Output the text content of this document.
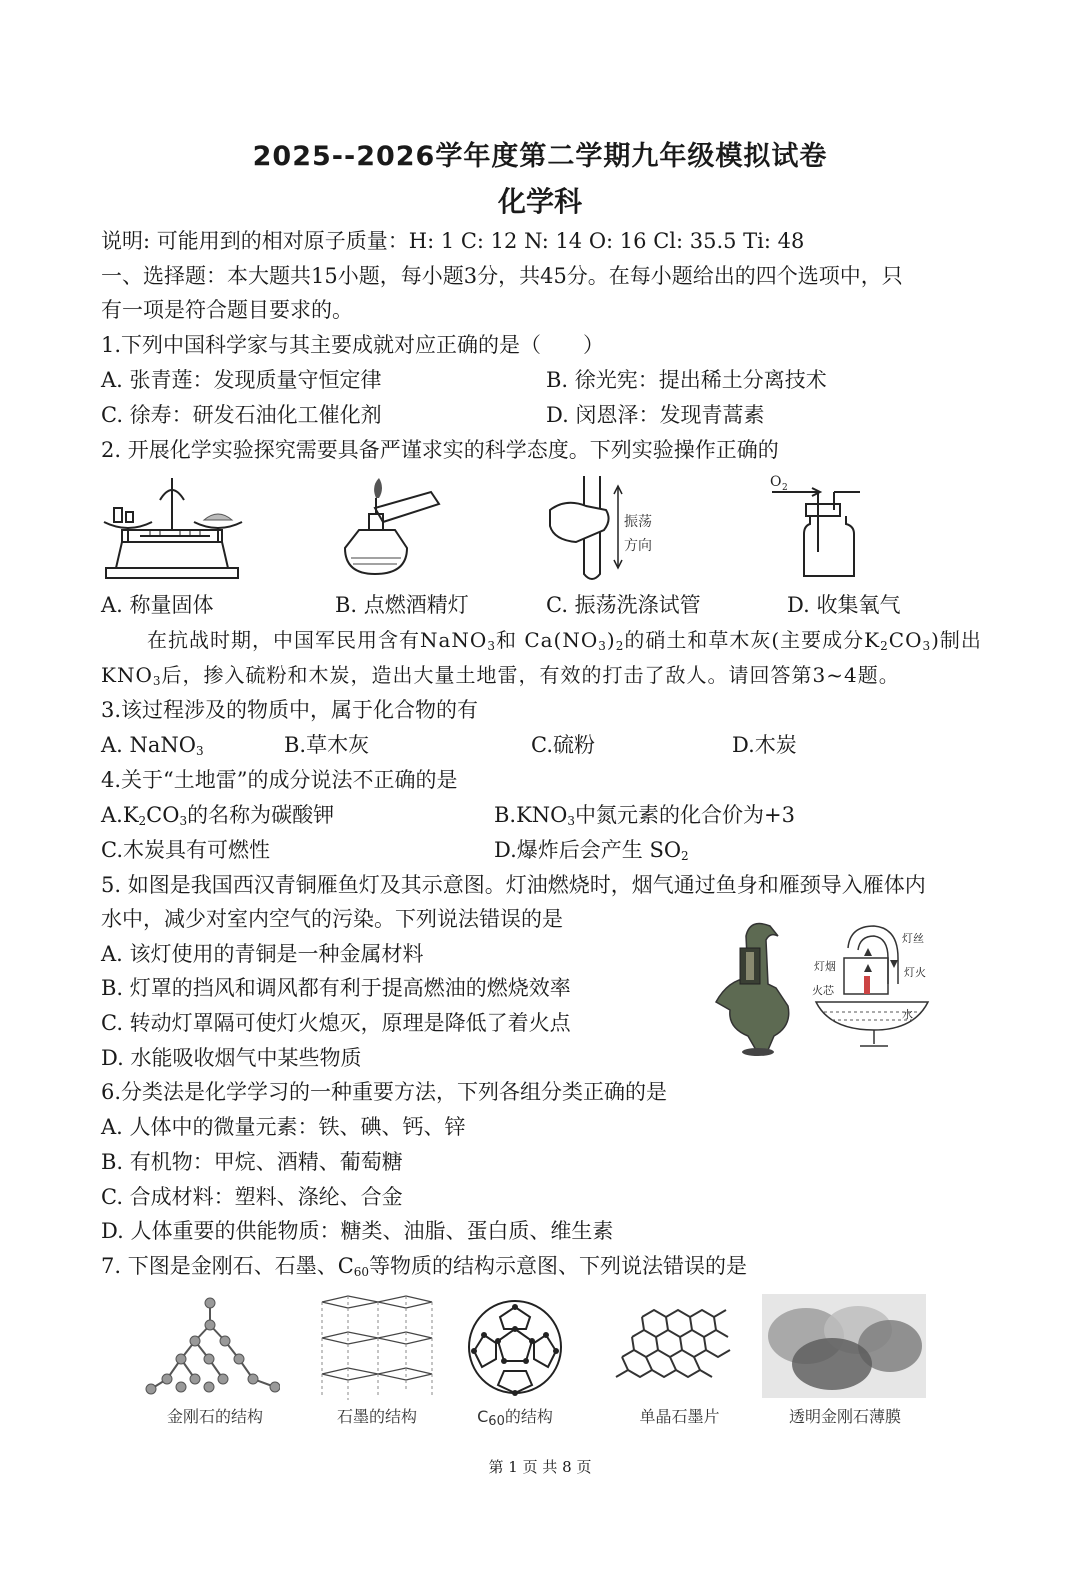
2025--2026学年度第二学期九年级模拟试卷
化学科
说明: 可能用到的相对原子质量：H: 1 C: 12 N: 14 O: 16 Cl: 35.5 Ti: 48
一、选择题：本大题共15小题，每小题3分，共45分。在每小题给出的四个选项中，只
有一项是符合题目要求的。
1.下列中国科学家与其主要成就对应正确的是（　　）
A. 张青莲：发现质量守恒定律	B. 徐光宪：提出稀土分离技术
C. 徐寿：研发石油化工催化剂	D. 闵恩泽：发现青蒿素
2. 开展化学实验探究需要具备严谨求实的科学态度。下列实验操作正确的
振荡
方向
O 2
A. 称量固体	B. 点燃酒精灯	C. 振荡洗涤试管	D. 收集氧气
在抗战时期，中国军民用含有NaNO$_3$和 $Ca(NO_3)_2$的硝土和草木灰(主要成分$K_2CO_3$)制出
$KNO_3$后，掺入硫粉和木炭，造出大量土地雷，有效的打击了敌人。请回答第3~4题。
3.该过程涉及的物质中，属于化合物的有
A. NaNO$_3$	B.草木灰	C.硫粉	D.木炭
4.关于“土地雷”的成分说法不正确的是
$A.K_2CO_3$的名称为碳酸钾	$B.KNO_3$中氮元素的化合价为+3
C.木炭具有可燃性	D.爆炸后会产生 $SO_2$
5. 如图是我国西汉青铜雁鱼灯及其示意图。灯油燃烧时，烟气通过鱼身和雁颈导入雁体内
水中，减少对室内空气的污染。下列说法错误的是
A. 该灯使用的青铜是一种金属材料
B. 灯罩的挡风和调风都有利于提高燃油的燃烧效率
C. 转动灯罩隔可使灯火熄灭，原理是降低了着火点
D. 水能吸收烟气中某些物质
灯丝
灯烟	灯火
火芯
水
6.分类法是化学学习的一种重要方法，下列各组分类正确的是
A. 人体中的微量元素：铁、碘、钙、锌
B. 有机物：甲烷、酒精、葡萄糖
C. 合成材料：塑料、涤纶、合金
D. 人体重要的供能物质：糖类、油脂、蛋白质、维生素
7. 下图是金刚石、石墨、$C_{60}$等物质的结构示意图、下列说法错误的是
金刚石的结构	石墨的结构	$C_{60}$的结构	单晶石墨片	透明金刚石薄膜
第 1 页 共 8 页
